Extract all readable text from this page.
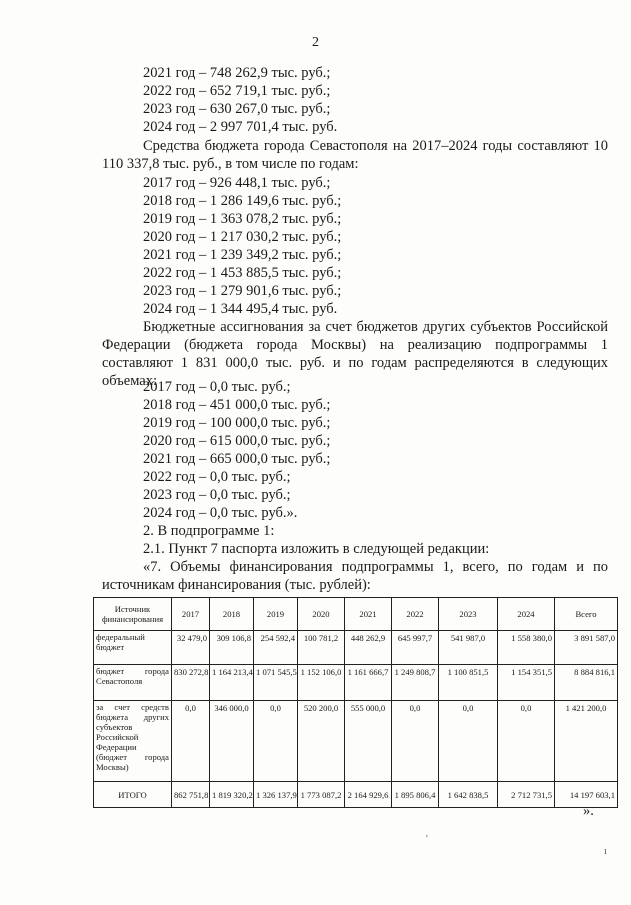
2
2021 год – 748 262,9 тыс. руб.;
2022 год – 652 719,1 тыс. руб.;
2023 год – 630 267,0 тыс. руб.;
2024 год – 2 997 701,4 тыс. руб.
Средства бюджета города Севастополя на 2017–2024 годы составляют 10 110 337,8 тыс. руб., в том числе по годам:
2017 год – 926 448,1 тыс. руб.;
2018 год – 1 286 149,6 тыс. руб.;
2019 год – 1 363 078,2 тыс. руб.;
2020 год – 1 217 030,2 тыс. руб.;
2021 год – 1 239 349,2 тыс. руб.;
2022 год – 1 453 885,5 тыс. руб.;
2023 год – 1 279 901,6 тыс. руб.;
2024 год – 1 344 495,4 тыс. руб.
Бюджетные ассигнования за счет бюджетов других субъектов Российской Федерации (бюджета города Москвы) на реализацию подпрограммы 1 составляют 1 831 000,0 тыс. руб. и по годам распределяются в следующих объемах:
2017 год – 0,0 тыс. руб.;
2018 год – 451 000,0 тыс. руб.;
2019 год – 100 000,0 тыс. руб.;
2020 год – 615 000,0 тыс. руб.;
2021 год – 665 000,0 тыс. руб.;
2022 год – 0,0 тыс. руб.;
2023 год – 0,0 тыс. руб.;
2024 год – 0,0 тыс. руб.».
2. В подпрограмме 1:
2.1. Пункт 7 паспорта изложить в следующей редакции:
«7. Объемы финансирования подпрограммы 1, всего, по годам и по источникам финансирования (тыс. рублей):
Источник финансирования	2017	2018	2019	2020	2021	2022	2023	2024	Всего
федеральный бюджет	32 479,0	309 106,8	254 592,4	100 781,2	448 262,9	645 997,7	541 987,0	1 558 380,0	3 891 587,0
бюджет города Севастополя	830 272,8	1 164 213,4	1 071 545,5	1 152 106,0	1 161 666,7	1 249 808,7	1 100 851,5	1 154 351,5	8 884 816,1
за счет средств бюджета других субъектов Российской Федерации (бюджет города Москвы)	0,0	346 000,0	0,0	520 200,0	555 000,0	0,0	0,0	0,0	1 421 200,0
ИТОГО	862 751,8	1 819 320,2	1 326 137,9	1 773 087,2	2 164 929,6	1 895 806,4	1 642 838,5	2 712 731,5	14 197 603,1
».
'
ı
